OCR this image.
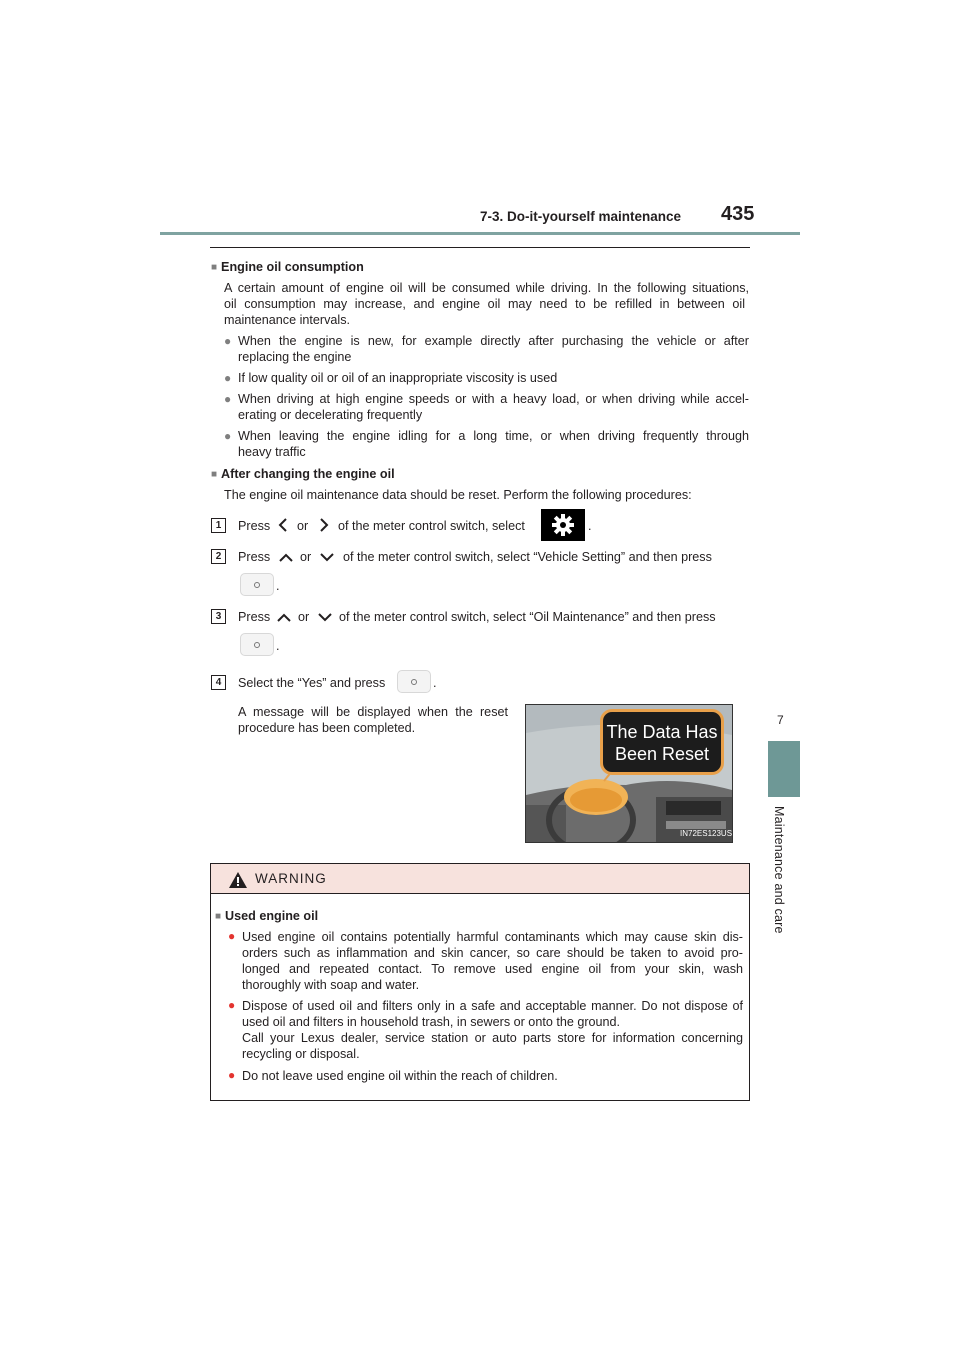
7-3. Do-it-yourself maintenance 435
7
Maintenance and care
■ Engine oil consumption
A certain amount of engine oil will be consumed while driving. In the following situations,
oil consumption may increase, and engine oil may need to be refilled in between oil
maintenance intervals.
● When the engine is new, for example directly after purchasing the vehicle or after
replacing the engine
● If low quality oil or oil of an inappropriate viscosity is used
● When driving at high engine speeds or with a heavy load, or when driving while accel-
erating or decelerating frequently
● When leaving the engine idling for a long time, or when driving frequently through
heavy traffic
■ After changing the engine oil
The engine oil maintenance data should be reset. Perform the following procedures:
1	Press or of the meter control switch, select	.
2	Press or	of the meter control switch, select “Vehicle Setting” and then press
.
3	Press or of the meter control switch, select “Oil Maintenance” and then press
.
4	Select the “Yes” and press	.
A message will be displayed when the reset
procedure has been completed.	The Data Has
Been Reset
IN72ES123US
WARNING
■ Used engine oil
● Used engine oil contains potentially harmful contaminants which may cause skin dis-
orders such as inflammation and skin cancer, so care should be taken to avoid pro-
longed and repeated contact. To remove used engine oil from your skin, wash
thoroughly with soap and water.
● Dispose of used oil and filters only in a safe and acceptable manner. Do not dispose of
used oil and filters in household trash, in sewers or onto the ground.
Call your Lexus dealer, service station or auto parts store for information concerning
recycling or disposal.
● Do not leave used engine oil within the reach of children.
